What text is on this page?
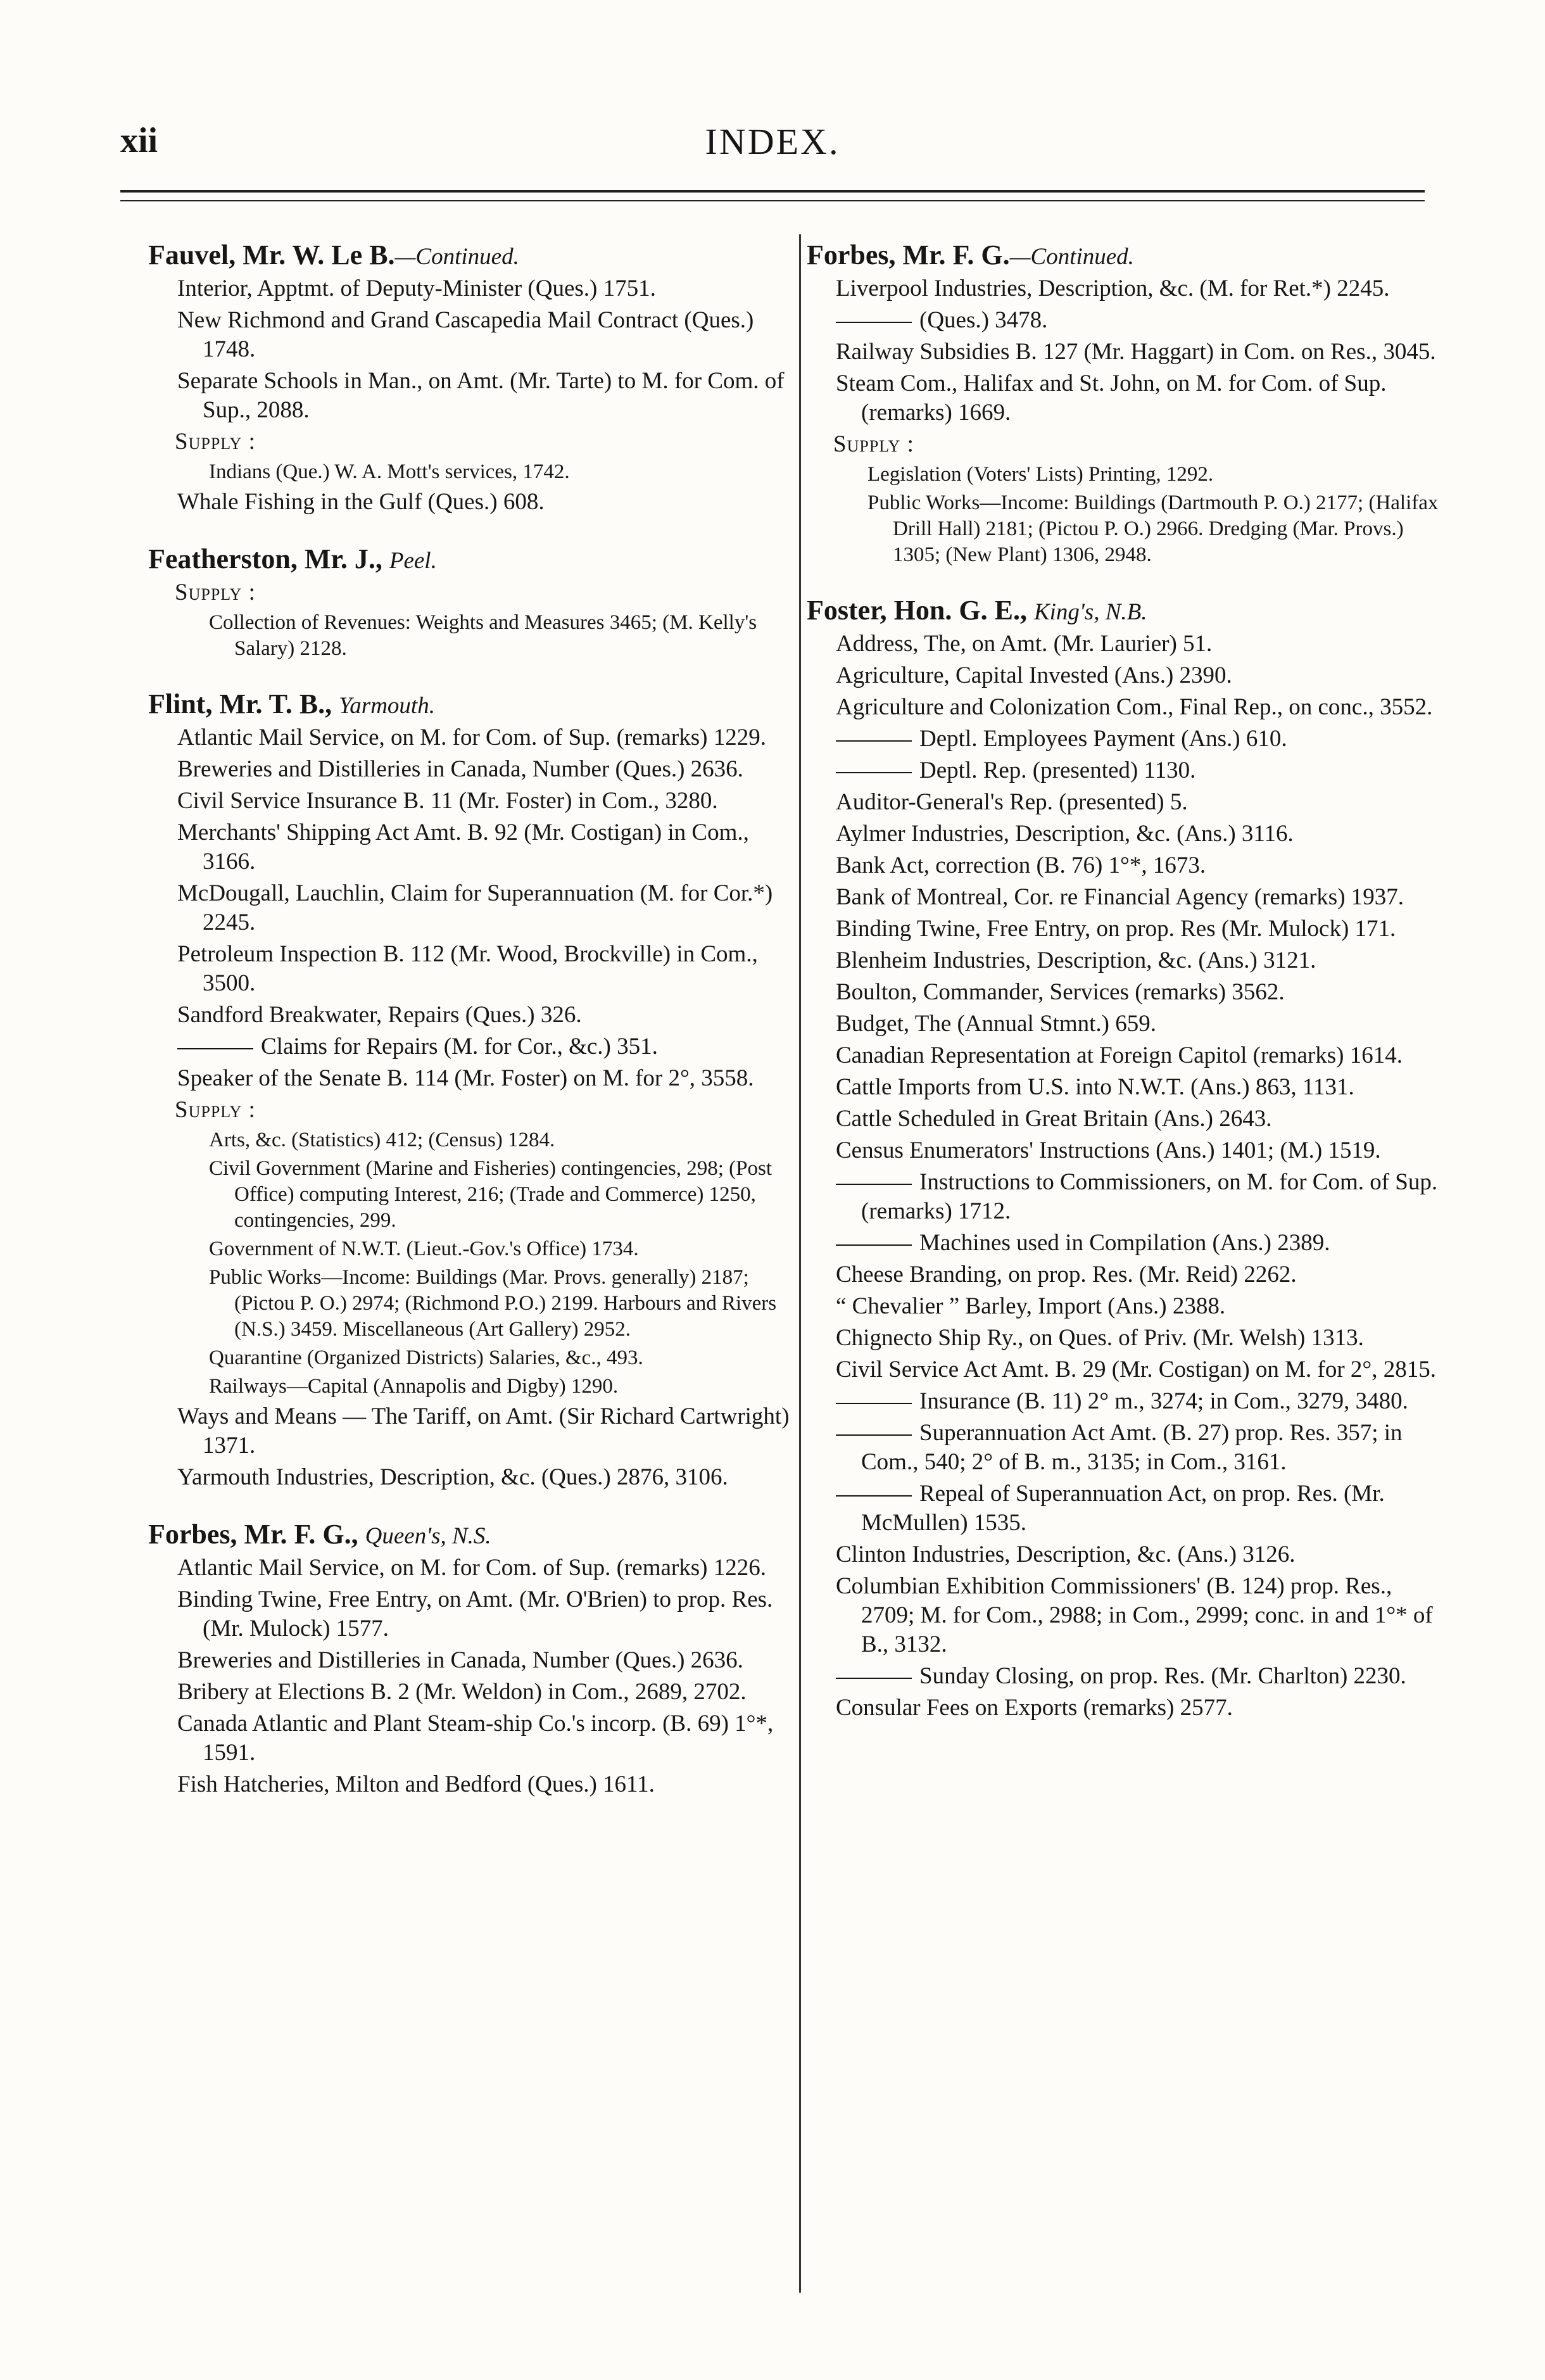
xii	INDEX.
Fauvel, Mr. W. Le B.—Continued.
Interior, Apptmt. of Deputy-Minister (Ques.) 1751.
New Richmond and Grand Cascapedia Mail Contract (Ques.) 1748.
Separate Schools in Man., on Amt. (Mr. Tarte) to M. for Com. of Sup., 2088.
Supply :
Indians (Que.) W. A. Mott's services, 1742.
Whale Fishing in the Gulf (Ques.) 608.
Featherston, Mr. J., Peel.
Supply :
Collection of Revenues: Weights and Measures 3465; (M. Kelly's Salary) 2128.
Flint, Mr. T. B., Yarmouth.
Atlantic Mail Service, on M. for Com. of Sup. (remarks) 1229.
Breweries and Distilleries in Canada, Number (Ques.) 2636.
Civil Service Insurance B. 11 (Mr. Foster) in Com., 3280.
Merchants' Shipping Act Amt. B. 92 (Mr. Costigan) in Com., 3166.
McDougall, Lauchlin, Claim for Superannuation (M. for Cor.*) 2245.
Petroleum Inspection B. 112 (Mr. Wood, Brockville) in Com., 3500.
Sandford Breakwater, Repairs (Ques.) 326.
Claims for Repairs (M. for Cor., &c.) 351.
Speaker of the Senate B. 114 (Mr. Foster) on M. for 2°, 3558.
Supply :
Arts, &c. (Statistics) 412; (Census) 1284.
Civil Government (Marine and Fisheries) contingencies, 298; (Post Office) computing Interest, 216; (Trade and Commerce) 1250, contingencies, 299.
Government of N.W.T. (Lieut.-Gov.'s Office) 1734.
Public Works—Income: Buildings (Mar. Provs. generally) 2187; (Pictou P. O.) 2974; (Richmond P.O.) 2199. Harbours and Rivers (N.S.) 3459. Miscellaneous (Art Gallery) 2952.
Quarantine (Organized Districts) Salaries, &c., 493.
Railways—Capital (Annapolis and Digby) 1290.
Ways and Means — The Tariff, on Amt. (Sir Richard Cartwright) 1371.
Yarmouth Industries, Description, &c. (Ques.) 2876, 3106.
Forbes, Mr. F. G., Queen's, N.S.
Atlantic Mail Service, on M. for Com. of Sup. (remarks) 1226.
Binding Twine, Free Entry, on Amt. (Mr. O'Brien) to prop. Res. (Mr. Mulock) 1577.
Breweries and Distilleries in Canada, Number (Ques.) 2636.
Bribery at Elections B. 2 (Mr. Weldon) in Com., 2689, 2702.
Canada Atlantic and Plant Steam-ship Co.'s incorp. (B. 69) 1°*, 1591.
Fish Hatcheries, Milton and Bedford (Ques.) 1611.
Forbes, Mr. F. G.—Continued.
Liverpool Industries, Description, &c. (M. for Ret.*) 2245.
(Ques.) 3478.
Railway Subsidies B. 127 (Mr. Haggart) in Com. on Res., 3045.
Steam Com., Halifax and St. John, on M. for Com. of Sup. (remarks) 1669.
Supply :
Legislation (Voters' Lists) Printing, 1292.
Public Works—Income: Buildings (Dartmouth P. O.) 2177; (Halifax Drill Hall) 2181; (Pictou P. O.) 2966. Dredging (Mar. Provs.) 1305; (New Plant) 1306, 2948.
Foster, Hon. G. E., King's, N.B.
Address, The, on Amt. (Mr. Laurier) 51.
Agriculture, Capital Invested (Ans.) 2390.
Agriculture and Colonization Com., Final Rep., on conc., 3552.
Deptl. Employees Payment (Ans.) 610.
Deptl. Rep. (presented) 1130.
Auditor-General's Rep. (presented) 5.
Aylmer Industries, Description, &c. (Ans.) 3116.
Bank Act, correction (B. 76) 1°*, 1673.
Bank of Montreal, Cor. re Financial Agency (remarks) 1937.
Binding Twine, Free Entry, on prop. Res (Mr. Mulock) 171.
Blenheim Industries, Description, &c. (Ans.) 3121.
Boulton, Commander, Services (remarks) 3562.
Budget, The (Annual Stmnt.) 659.
Canadian Representation at Foreign Capitol (remarks) 1614.
Cattle Imports from U.S. into N.W.T. (Ans.) 863, 1131.
Cattle Scheduled in Great Britain (Ans.) 2643.
Census Enumerators' Instructions (Ans.) 1401; (M.) 1519.
Instructions to Commissioners, on M. for Com. of Sup. (remarks) 1712.
Machines used in Compilation (Ans.) 2389.
Cheese Branding, on prop. Res. (Mr. Reid) 2262.
“ Chevalier ” Barley, Import (Ans.) 2388.
Chignecto Ship Ry., on Ques. of Priv. (Mr. Welsh) 1313.
Civil Service Act Amt. B. 29 (Mr. Costigan) on M. for 2°, 2815.
Insurance (B. 11) 2° m., 3274; in Com., 3279, 3480.
Superannuation Act Amt. (B. 27) prop. Res. 357; in Com., 540; 2° of B. m., 3135; in Com., 3161.
Repeal of Superannuation Act, on prop. Res. (Mr. McMullen) 1535.
Clinton Industries, Description, &c. (Ans.) 3126.
Columbian Exhibition Commissioners' (B. 124) prop. Res., 2709; M. for Com., 2988; in Com., 2999; conc. in and 1°* of B., 3132.
Sunday Closing, on prop. Res. (Mr. Charlton) 2230.
Consular Fees on Exports (remarks) 2577.
